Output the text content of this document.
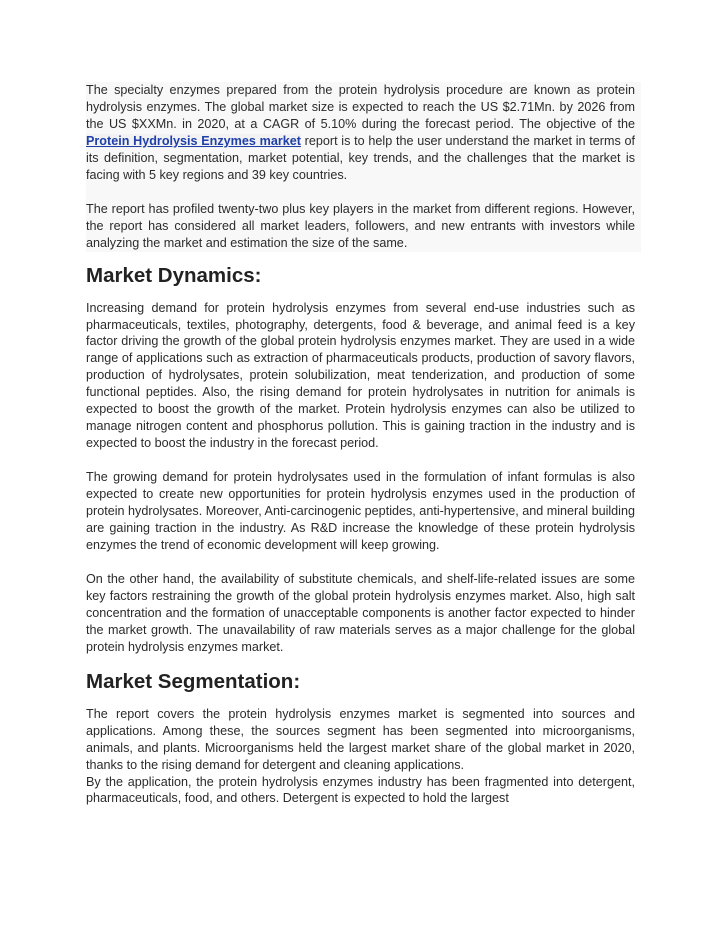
The specialty enzymes prepared from the protein hydrolysis procedure are known as protein hydrolysis enzymes. The global market size is expected to reach the US $2.71Mn. by 2026 from the US $XXMn. in 2020, at a CAGR of 5.10% during the forecast period. The objective of the Protein Hydrolysis Enzymes market report is to help the user understand the market in terms of its definition, segmentation, market potential, key trends, and the challenges that the market is facing with 5 key regions and 39 key countries.

The report has profiled twenty-two plus key players in the market from different regions. However, the report has considered all market leaders, followers, and new entrants with investors while analyzing the market and estimation the size of the same.

Market Dynamics:

Increasing demand for protein hydrolysis enzymes from several end-use industries such as pharmaceuticals, textiles, photography, detergents, food & beverage, and animal feed is a key factor driving the growth of the global protein hydrolysis enzymes market. They are used in a wide range of applications such as extraction of pharmaceuticals products, production of savory flavors, production of hydrolysates, protein solubilization, meat tenderization, and production of some functional peptides. Also, the rising demand for protein hydrolysates in nutrition for animals is expected to boost the growth of the market. Protein hydrolysis enzymes can also be utilized to manage nitrogen content and phosphorus pollution. This is gaining traction in the industry and is expected to boost the industry in the forecast period.

The growing demand for protein hydrolysates used in the formulation of infant formulas is also expected to create new opportunities for protein hydrolysis enzymes used in the production of protein hydrolysates. Moreover, Anti-carcinogenic peptides, anti-hypertensive, and mineral building are gaining traction in the industry. As R&D increase the knowledge of these protein hydrolysis enzymes the trend of economic development will keep growing.

On the other hand, the availability of substitute chemicals, and shelf-life-related issues are some key factors restraining the growth of the global protein hydrolysis enzymes market. Also, high salt concentration and the formation of unacceptable components is another factor expected to hinder the market growth. The unavailability of raw materials serves as a major challenge for the global protein hydrolysis enzymes market.

Market Segmentation:

The report covers the protein hydrolysis enzymes market is segmented into sources and applications. Among these, the sources segment has been segmented into microorganisms, animals, and plants. Microorganisms held the largest market share of the global market in 2020, thanks to the rising demand for detergent and cleaning applications.

By the application, the protein hydrolysis enzymes industry has been fragmented into detergent, pharmaceuticals, food, and others. Detergent is expected to hold the largest
